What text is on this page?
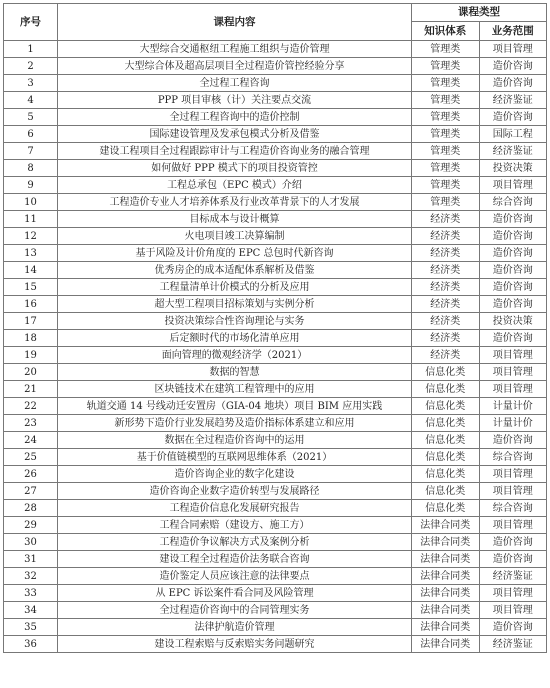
序号	课程内容	课程类型	
		知识体系	业务范围
1	大型综合交通枢纽工程施工组织与造价管理	管理类	项目管理
2	大型综合体及超高层项目全过程造价管控经验分享	管理类	造价咨询
3	全过程工程咨询	管理类	造价咨询
4	PPP 项目审核（计）关注要点交流	管理类	经济鉴证
5	全过程工程咨询中的造价控制	管理类	造价咨询
6	国际建设管理及发承包模式分析及借鉴	管理类	国际工程
7	建设工程项目全过程跟踪审计与工程造价咨询业务的融合管理	管理类	经济鉴证
8	如何做好 PPP 模式下的项目投资管控	管理类	投资决策
9	工程总承包（EPC 模式）介绍	管理类	项目管理
10	工程造价专业人才培养体系及行业改革背景下的人才发展	管理类	综合咨询
11	目标成本与设计概算	经济类	造价咨询
12	火电项目竣工决算编制	经济类	造价咨询
13	基于风险及计价角度的 EPC 总包时代新咨询	经济类	造价咨询
14	优秀房企的成本适配体系解析及借鉴	经济类	造价咨询
15	工程量清单计价模式的分析及应用	经济类	造价咨询
16	超大型工程项目招标策划与实例分析	经济类	造价咨询
17	投资决策综合性咨询理论与实务	经济类	投资决策
18	后定额时代的市场化清单应用	经济类	造价咨询
19	面向管理的微观经济学（2021）	经济类	项目管理
20	数据的智慧	信息化类	项目管理
21	区块链技术在建筑工程管理中的应用	信息化类	项目管理
22	轨道交通 14 号线动迁安置房（GIA-04 地块）项目 BIM 应用实践	信息化类	计量计价
23	新形势下造价行业发展趋势及造价指标体系建立和应用	信息化类	计量计价
24	数据在全过程造价咨询中的运用	信息化类	造价咨询
25	基于价值链模型的互联网思维体系（2021）	信息化类	综合咨询
26	造价咨询企业的数字化建设	信息化类	项目管理
27	造价咨询企业数字造价转型与发展路径	信息化类	项目管理
28	工程造价信息化发展研究报告	信息化类	综合咨询
29	工程合同索赔（建设方、施工方）	法律合同类	项目管理
30	工程造价争议解决方式及案例分析	法律合同类	造价咨询
31	建设工程全过程造价法务联合咨询	法律合同类	造价咨询
32	造价鉴定人员应该注意的法律要点	法律合同类	经济鉴证
33	从 EPC 诉讼案件看合同及风险管理	法律合同类	项目管理
34	全过程造价咨询中的合同管理实务	法律合同类	项目管理
35	法律护航造价管理	法律合同类	造价咨询
36	建设工程索赔与反索赔实务问题研究	法律合同类	经济鉴证
